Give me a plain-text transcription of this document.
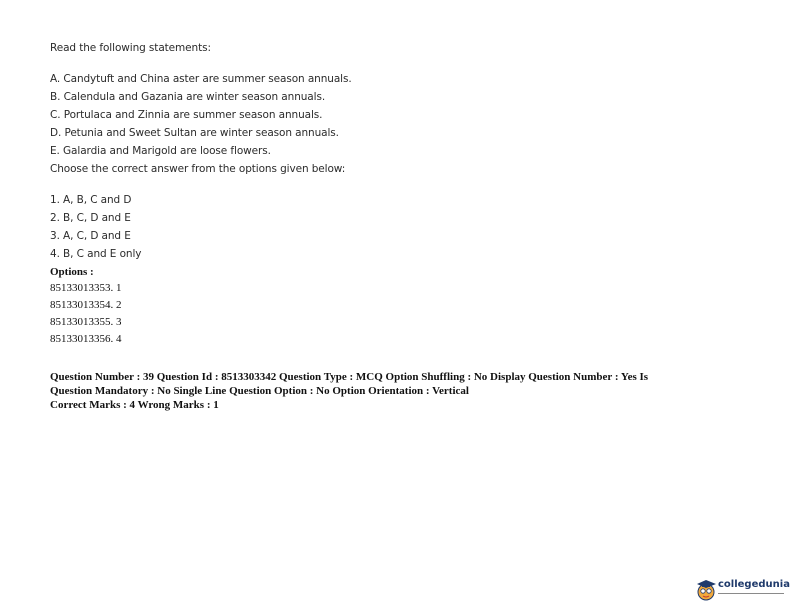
Read the following statements:
A. Candytuft and China aster are summer season annuals.
B. Calendula and Gazania are winter season annuals.
C. Portulaca and Zinnia are summer season annuals.
D. Petunia and Sweet Sultan are winter season annuals.
E. Galardia and Marigold are loose flowers.
Choose the correct answer from the options given below:
1. A, B, C and D
2. B, C, D and E
3. A, C, D and E
4. B, C and E only
Options :
85133013353. 1
85133013354. 2
85133013355. 3
85133013356. 4
Question Number : 39 Question Id : 8513303342 Question Type : MCQ Option Shuffling : No Display Question Number : Yes Is
Question Mandatory : No Single Line Question Option : No Option Orientation : Vertical
Correct Marks : 4 Wrong Marks : 1
collegedunia
